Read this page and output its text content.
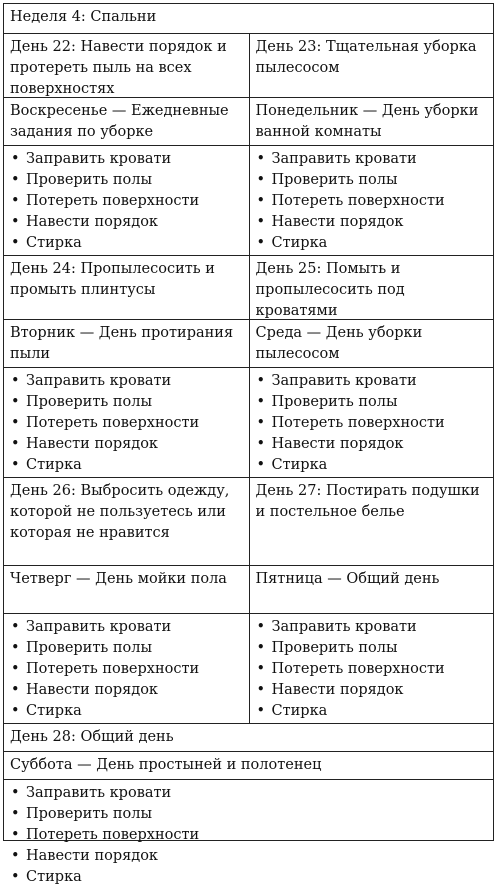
Неделя 4: Спальни
День 22: Навести порядок и протереть пыль на всех поверхностях
День 23: Тщательная уборка пылесосом
Воскресенье — Ежедневные задания по уборке
Понедельник — День уборки ванной комнаты
• Заправить кровати
• Проверить полы
• Потереть поверхности
• Навести порядок
• Стирка
• Заправить кровати
• Проверить полы
• Потереть поверхности
• Навести порядок
• Стирка
День 24: Пропылесосить и промыть плинтусы
День 25: Помыть и пропылесосить под кроватями
Вторник — День протирания пыли
Среда — День уборки пылесосом
• Заправить кровати
• Проверить полы
• Потереть поверхности
• Навести порядок
• Стирка
• Заправить кровати
• Проверить полы
• Потереть поверхности
• Навести порядок
• Стирка
День 26: Выбросить одежду, которой не пользуетесь или которая не нравится
День 27: Постирать подушки и постельное белье
Четверг — День мойки пола	Пятница — Общий день
• Заправить кровати
• Проверить полы
• Потереть поверхности
• Навести порядок
• Стирка
• Заправить кровати
• Проверить полы
• Потереть поверхности
• Навести порядок
• Стирка
День 28: Общий день
Суббота — День простыней и полотенец
• Заправить кровати
• Проверить полы
• Потереть поверхности
• Навести порядок
• Стирка
